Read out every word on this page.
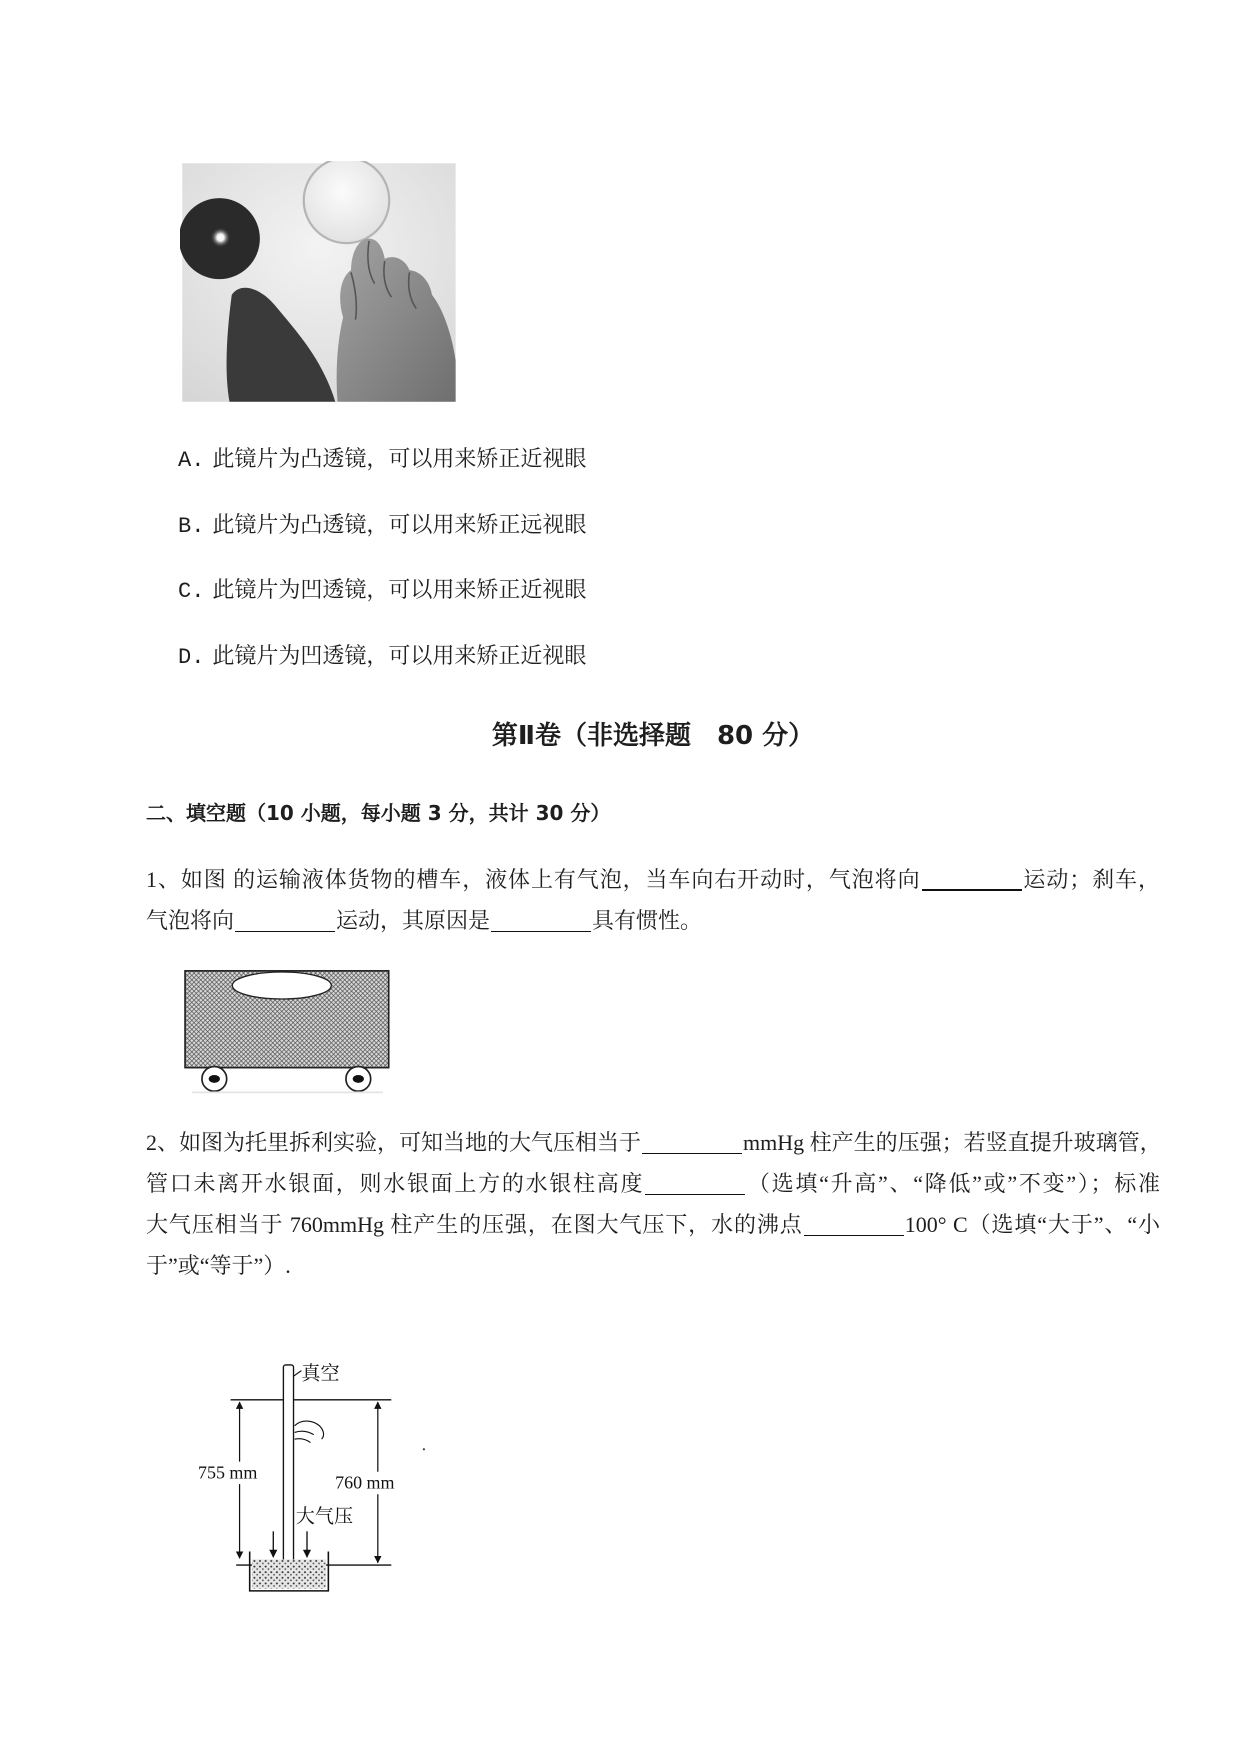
A. 此镜片为凸透镜，可以用来矫正近视眼
B. 此镜片为凸透镜，可以用来矫正远视眼
C. 此镜片为凹透镜，可以用来矫正近视眼
D. 此镜片为凹透镜，可以用来矫正近视眼
第Ⅱ卷（非选择题　80 分）
二、填空题（10 小题，每小题 3 分，共计 30 分）
1、如图 的运输液体货物的槽车，液体上有气泡，当车向右开动时，气泡将向	运动；刹车，
气泡将向	运动，其原因是	具有惯性。
2、如图为托里拆利实验，可知当地的大气压相当于	mmHg 柱产生的压强；若竖直提升玻璃管，
管口未离开水银面，则水银面上方的水银柱高度	（选填“升高”、“降低”或”不变”）；标准
大气压相当于 760mmHg 柱产生的压强，在图大气压下，水的沸点	100° C（选填“大于”、“小
于”或“等于”）.
真空
755 mm
760 mm
大气压
